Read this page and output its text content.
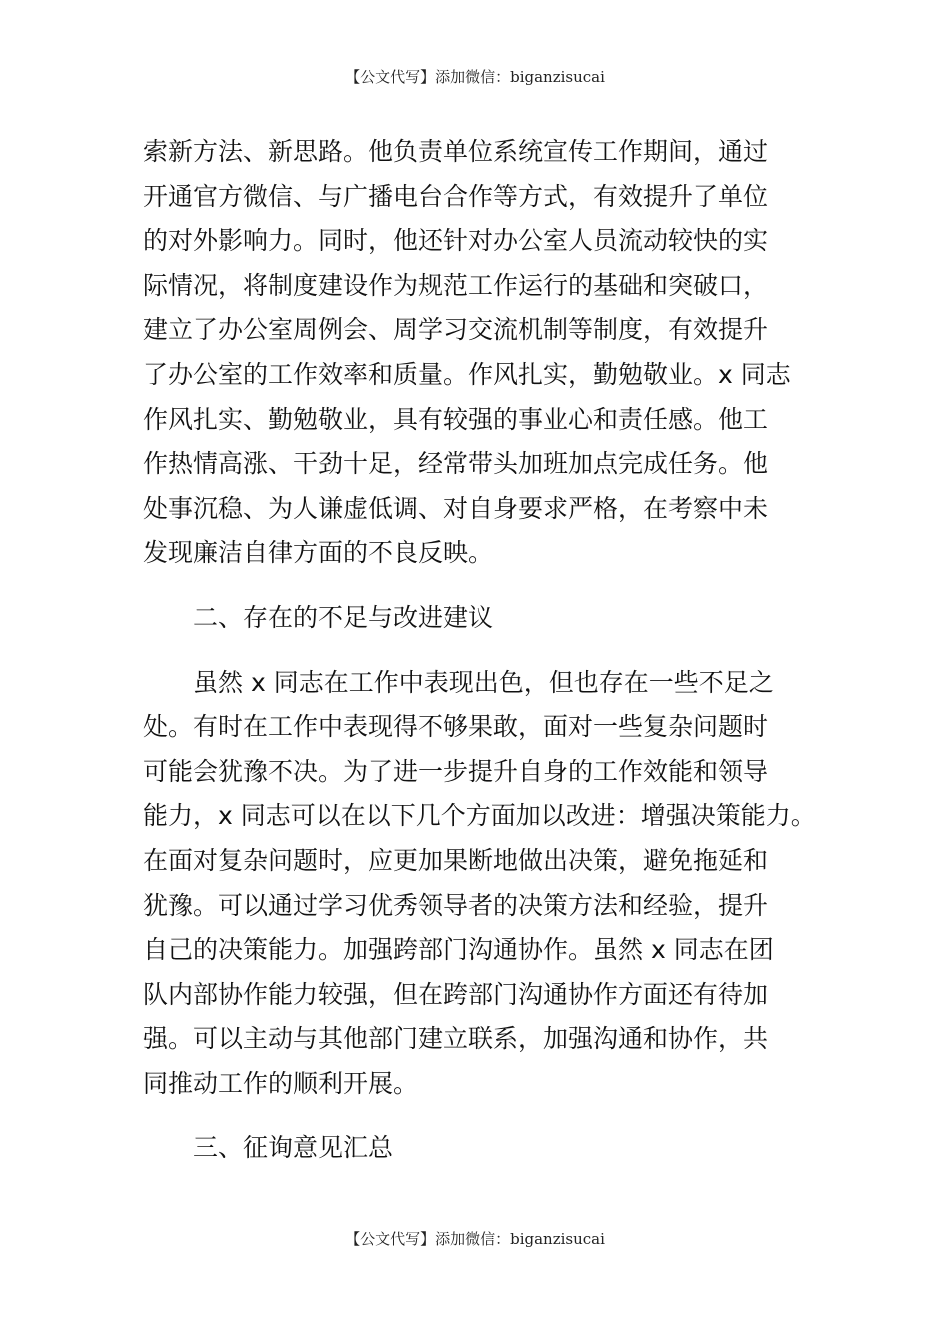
【公文代写】添加微信：biganzisucai
索新方法、新思路。他负责单位系统宣传工作期间，通过
开通官方微信、与广播电台合作等方式，有效提升了单位
的对外影响力。同时，他还针对办公室人员流动较快的实
际情况，将制度建设作为规范工作运行的基础和突破口，
建立了办公室周例会、周学习交流机制等制度，有效提升
了办公室的工作效率和质量。作风扎实，勤勉敬业。x 同志
作风扎实、勤勉敬业，具有较强的事业心和责任感。他工
作热情高涨、干劲十足，经常带头加班加点完成任务。他
处事沉稳、为人谦虚低调、对自身要求严格，在考察中未
发现廉洁自律方面的不良反映。
二、存在的不足与改进建议
虽然 x 同志在工作中表现出色，但也存在一些不足之
处。有时在工作中表现得不够果敢，面对一些复杂问题时
可能会犹豫不决。为了进一步提升自身的工作效能和领导
能力，x 同志可以在以下几个方面加以改进：增强决策能力。
在面对复杂问题时，应更加果断地做出决策，避免拖延和
犹豫。可以通过学习优秀领导者的决策方法和经验，提升
自己的决策能力。加强跨部门沟通协作。虽然 x 同志在团
队内部协作能力较强，但在跨部门沟通协作方面还有待加
强。可以主动与其他部门建立联系，加强沟通和协作，共
同推动工作的顺利开展。
三、征询意见汇总
【公文代写】添加微信：biganzisucai
